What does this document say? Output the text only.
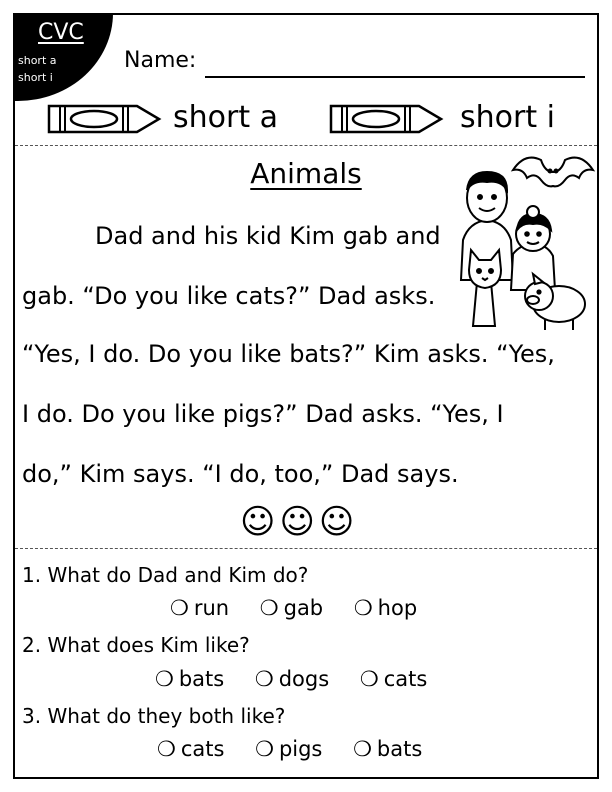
CVC
short a
short i
Name:
short a	short i
Animals
Dad and his kid Kim gab and
gab. “Do you like cats?” Dad asks.
“Yes, I do. Do you like bats?” Kim asks. “Yes,
I do. Do you like pigs?” Dad asks. “Yes, I
do,” Kim says. “I do, too,” Dad says.
☺☺☺
1. What do Dad and Kim do?
❍ run ❍ gab ❍ hop
2. What does Kim like?
❍ bats ❍ dogs ❍ cats
3. What do they both like?
❍ cats ❍ pigs ❍ bats
